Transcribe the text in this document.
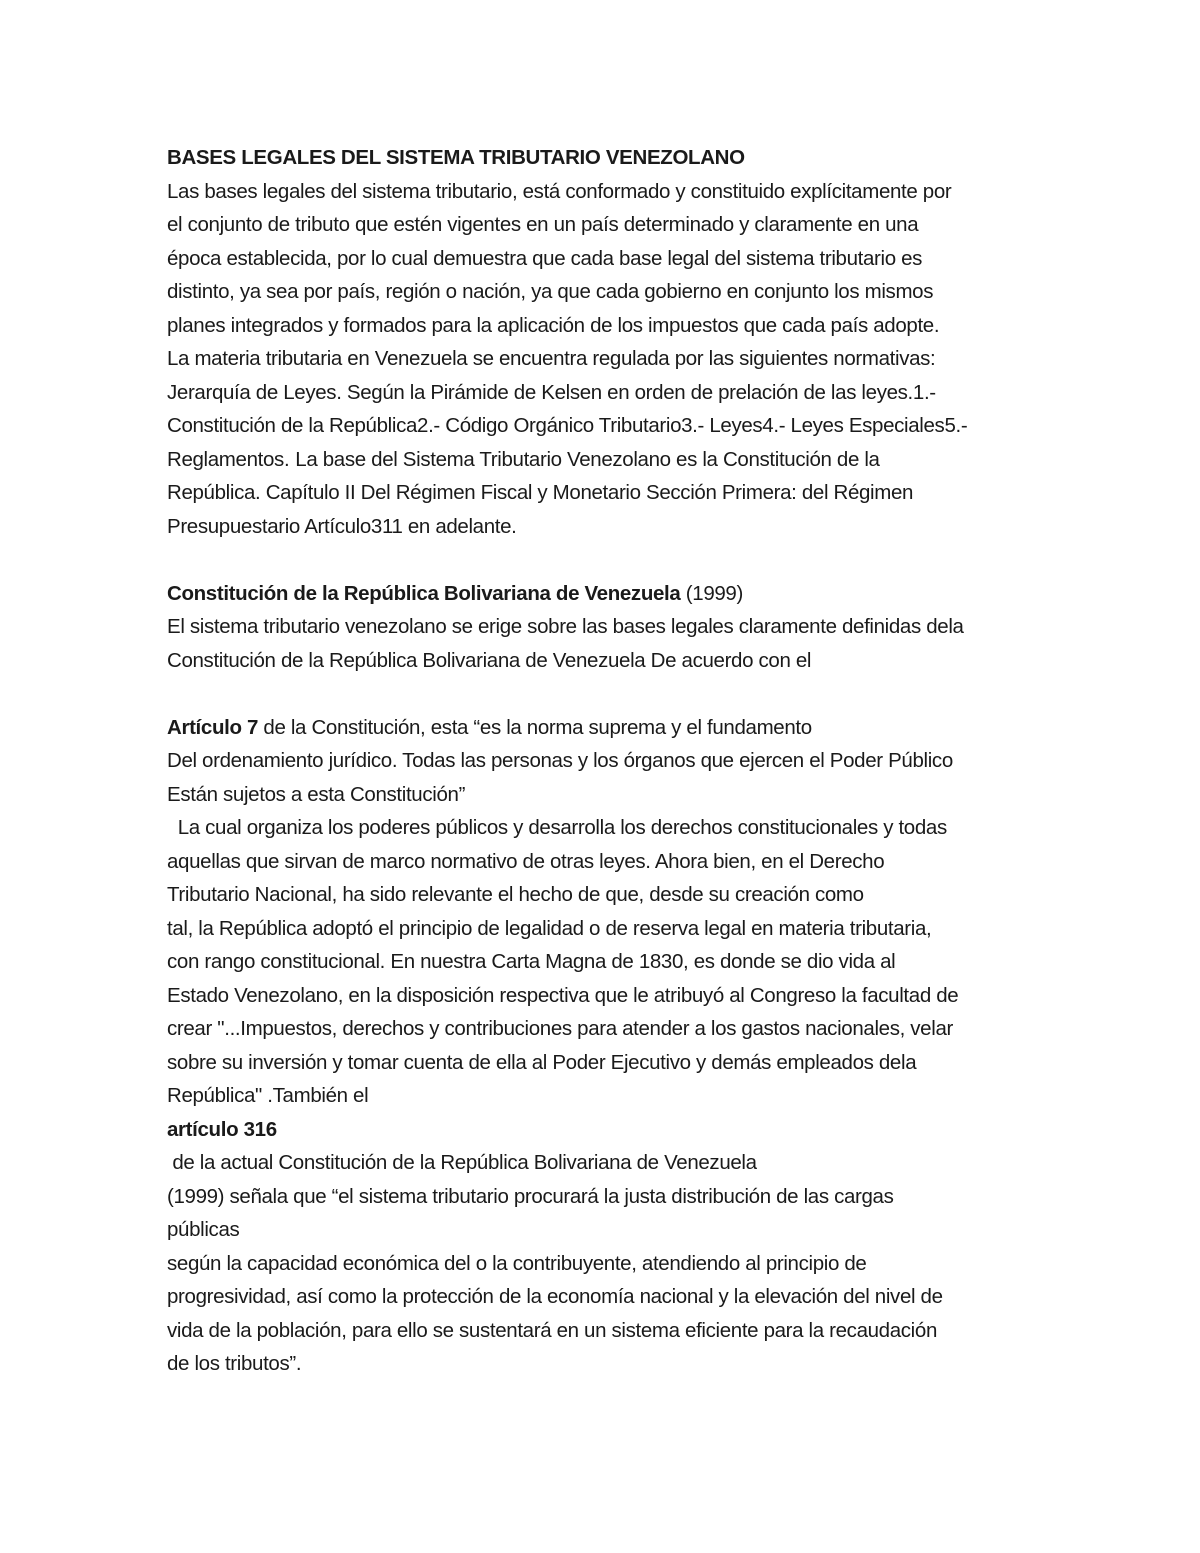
BASES LEGALES DEL SISTEMA TRIBUTARIO VENEZOLANO
Las bases legales del sistema tributario, está conformado y constituido explícitamente por
el conjunto de tributo que estén vigentes en un país determinado y claramente en una
época establecida, por lo cual demuestra que cada base legal del sistema tributario es
distinto, ya sea por país, región o nación, ya que cada gobierno en conjunto los mismos
planes integrados y formados para la aplicación de los impuestos que cada país adopte.
La materia tributaria en Venezuela se encuentra regulada por las siguientes normativas:
Jerarquía de Leyes. Según la Pirámide de Kelsen en orden de prelación de las leyes.1.-
Constitución de la República2.- Código Orgánico Tributario3.- Leyes4.- Leyes Especiales5.-
Reglamentos. La base del Sistema Tributario Venezolano es la Constitución de la
República. Capítulo II Del Régimen Fiscal y Monetario Sección Primera: del Régimen
Presupuestario Artículo311 en adelante.
Constitución de la República Bolivariana de Venezuela (1999)
El sistema tributario venezolano se erige sobre las bases legales claramente definidas dela
Constitución de la República Bolivariana de Venezuela De acuerdo con el
Artículo 7 de la Constitución, esta “es la norma suprema y el fundamento
Del ordenamiento jurídico. Todas las personas y los órganos que ejercen el Poder Público
Están sujetos a esta Constitución”
La cual organiza los poderes públicos y desarrolla los derechos constitucionales y todas
aquellas que sirvan de marco normativo de otras leyes. Ahora bien, en el Derecho
Tributario Nacional, ha sido relevante el hecho de que, desde su creación como
tal, la República adoptó el principio de legalidad o de reserva legal en materia tributaria,
con rango constitucional. En nuestra Carta Magna de 1830, es donde se dio vida al
Estado Venezolano, en la disposición respectiva que le atribuyó al Congreso la facultad de
crear "...Impuestos, derechos y contribuciones para atender a los gastos nacionales, velar
sobre su inversión y tomar cuenta de ella al Poder Ejecutivo y demás empleados dela
República" .También el
artículo 316
de la actual Constitución de la República Bolivariana de Venezuela
(1999) señala que “el sistema tributario procurará la justa distribución de las cargas
públicas
según la capacidad económica del o la contribuyente, atendiendo al principio de
progresividad, así como la protección de la economía nacional y la elevación del nivel de
vida de la población, para ello se sustentará en un sistema eficiente para la recaudación
de los tributos”.
